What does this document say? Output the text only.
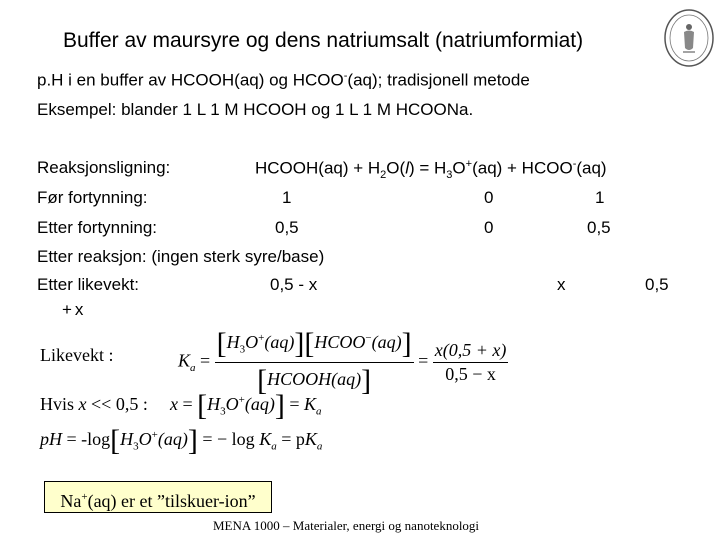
Buffer av maursyre og dens natriumsalt (natriumformiat)
p.H i en buffer av HCOOH(aq) og HCOO-(aq); tradisjonell metode
Eksempel: blander 1 L 1 M HCOOH og 1 L 1 M HCOONa.
Reaksjonsligning:	HCOOH(aq) + $H_2O(l) = H_3O^+(aq)$ + HCOO-(aq)
Før fortynning:	1	0	1
Etter fortynning:	0,5	0	0,5
Etter reaksjon: (ingen sterk syre/base)
Etter likevekt:	0,5 - x	x	0,5
+x
Likevekt :	$K_a = \frac{[H_3O^+(aq)][HCOO^-(aq)]}{\text{[HCOOH(aq)]}} = \frac{x(0,5 + x)}{0,5 - x}$
Hvis x << 0,5 : $x = [H_3O^+(aq)] = K_a$
pH = $-\log[H_3O^+(aq)]$ = − $\log K_a = pK_a$
Na+(aq) er et ”tilskuer-ion”
MENA 1000 – Materialer, energi og nanoteknologi
